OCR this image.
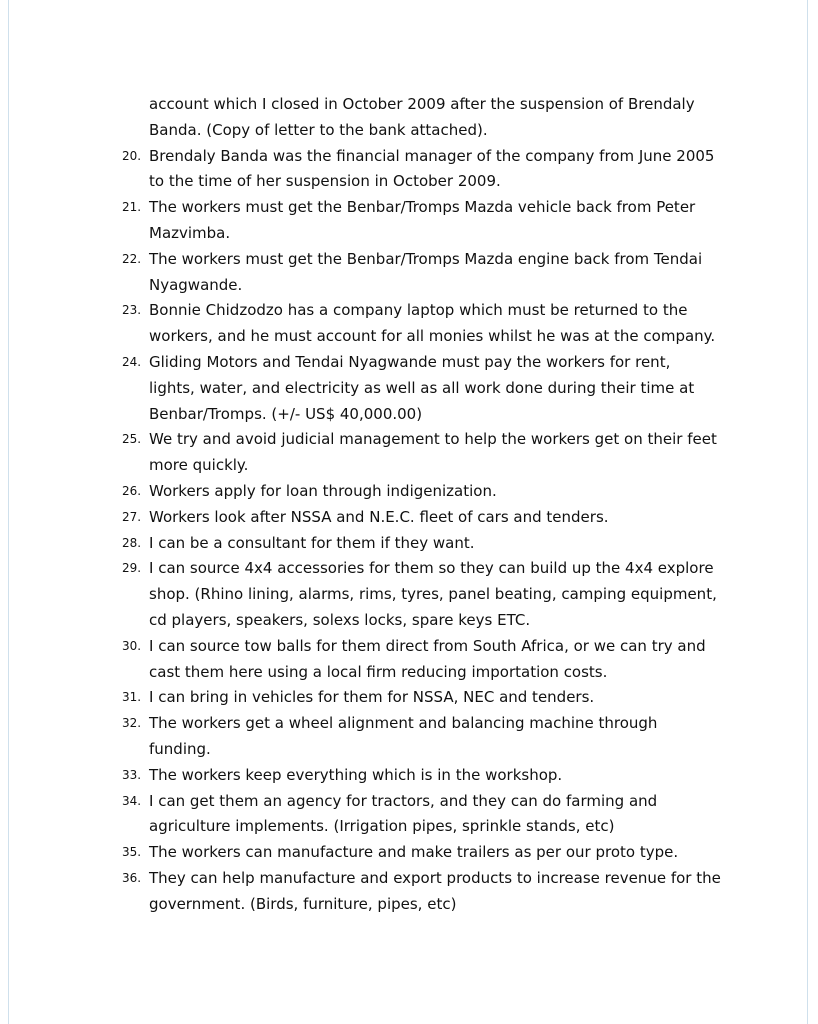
account which I closed in October 2009 after the suspension of Brendaly
Banda. (Copy of letter to the bank attached).
20. Brendaly Banda was the financial manager of the company from June 2005
to the time of her suspension in October 2009.
21. The workers must get the Benbar/Tromps Mazda vehicle back from Peter
Mazvimba.
22. The workers must get the Benbar/Tromps Mazda engine back from Tendai
Nyagwande.
23. Bonnie Chidzodzo has a company laptop which must be returned to the
workers, and he must account for all monies whilst he was at the company.
24. Gliding Motors and Tendai Nyagwande must pay the workers for rent,
lights, water, and electricity as well as all work done during their time at
Benbar/Tromps. (+/- US$ 40,000.00)
25. We try and avoid judicial management to help the workers get on their feet
more quickly.
26. Workers apply for loan through indigenization.
27. Workers look after NSSA and N.E.C. fleet of cars and tenders.
28. I can be a consultant for them if they want.
29. I can source 4x4 accessories for them so they can build up the 4x4 explore
shop. (Rhino lining, alarms, rims, tyres, panel beating, camping equipment,
cd players, speakers, solexs locks, spare keys ETC.
30. I can source tow balls for them direct from South Africa, or we can try and
cast them here using a local firm reducing importation costs.
31. I can bring in vehicles for them for NSSA, NEC and tenders.
32. The workers get a wheel alignment and balancing machine through
funding.
33. The workers keep everything which is in the workshop.
34. I can get them an agency for tractors, and they can do farming and
agriculture implements. (Irrigation pipes, sprinkle stands, etc)
35. The workers can manufacture and make trailers as per our proto type.
36. They can help manufacture and export products to increase revenue for the
government. (Birds, furniture, pipes, etc)
